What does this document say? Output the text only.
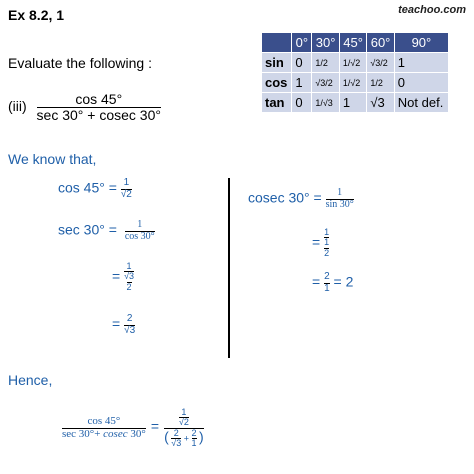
Ex 8.2, 1	teachoo.com
Evaluate the following :
$(iii) \frac{\cos 45^\circ}{\sec 30^\circ + cosec 30^\circ}$
	0°	30°	45°	60°	90°
sin	0	1/2	1/√2	√3/2	1
cos	1	√3/2	1/√2	1/2	0
tan	0	1/√3	1	√3	Not def.
We know that,
$\cos 45^\circ = \frac{1}{√2}$
$\sec 30^\circ = \frac{1}{\cos 30^\circ}$
= $\frac{1}{\frac{√3}{2}}$
= $\frac{2}{√3}$
cosec $30^\circ = \frac{1}{\sin 30^\circ}$
= $\frac{1}{\frac{1}{2}}$
= $\frac{2}{1} = 2$
Hence,
$\frac{\cos 45^\circ}{\sec 30^\circ+ cosec 30^\circ} = \frac{1}{√2}$
( $\frac{2}{√3} + \frac{2}{1}$ )
